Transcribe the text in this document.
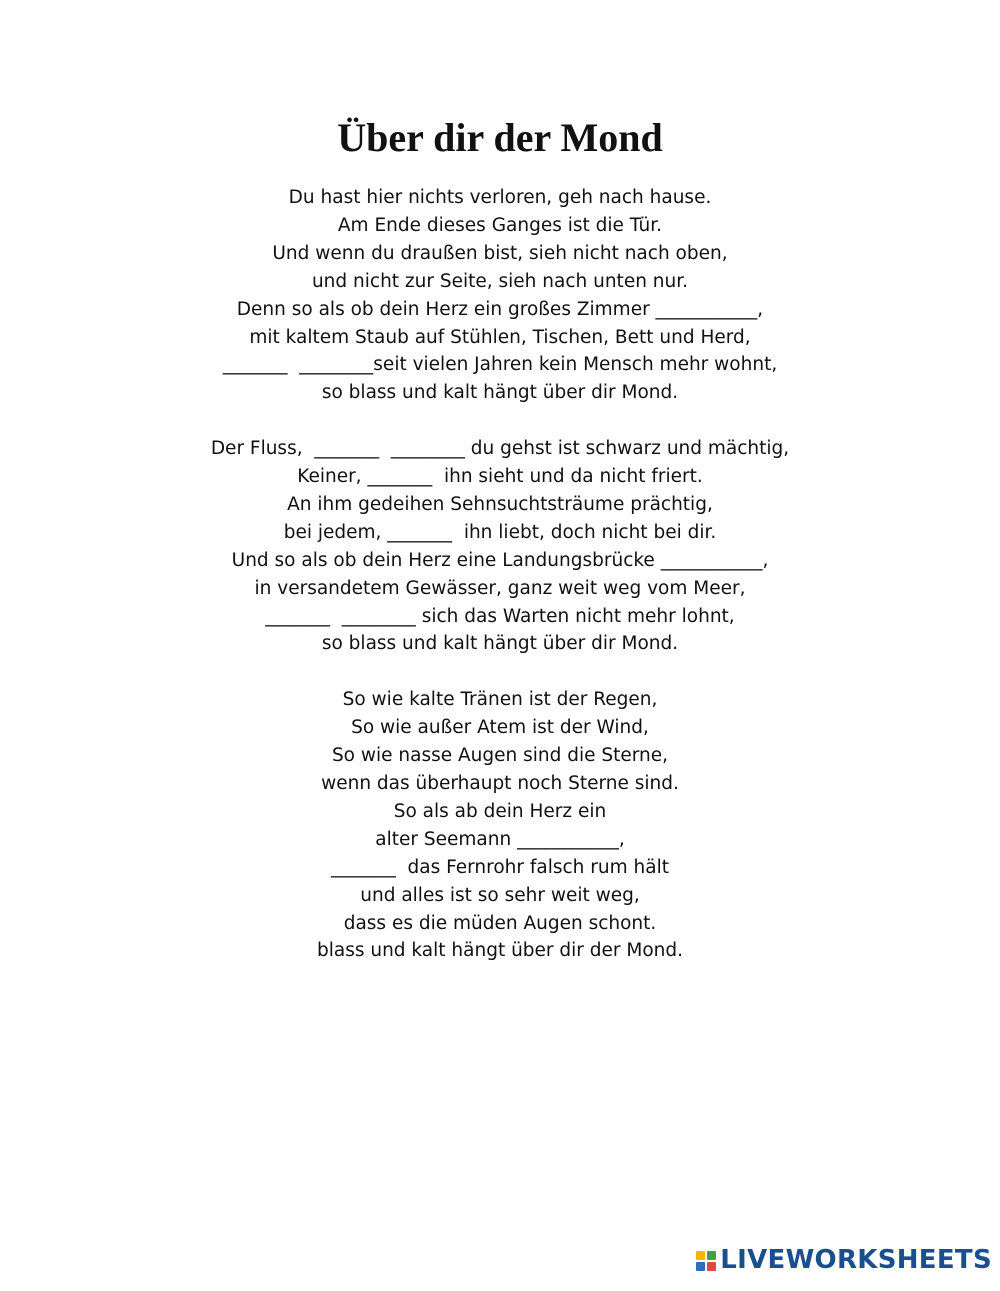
Über dir der Mond

Du hast hier nichts verloren, geh nach hause.
Am Ende dieses Ganges ist die Tür.
Und wenn du draußen bist, sieh nicht nach oben,
und nicht zur Seite, sieh nach unten nur.
Denn so als ob dein Herz ein großes Zimmer ___________,
mit kaltem Staub auf Stühlen, Tischen, Bett und Herd,
_______  ________seit vielen Jahren kein Mensch mehr wohnt,
so blass und kalt hängt über dir Mond.

Der Fluss,  _______  ________ du gehst ist schwarz und mächtig,
Keiner, _______  ihn sieht und da nicht friert.
An ihm gedeihen Sehnsuchtsträume prächtig,
bei jedem, _______  ihn liebt, doch nicht bei dir.
Und so als ob dein Herz eine Landungsbrücke ___________,
in versandetem Gewässer, ganz weit weg vom Meer,
_______  ________ sich das Warten nicht mehr lohnt,
so blass und kalt hängt über dir Mond.

So wie kalte Tränen ist der Regen,
So wie außer Atem ist der Wind,
So wie nasse Augen sind die Sterne,
wenn das überhaupt noch Sterne sind.
So als ab dein Herz ein
alter Seemann ___________,
_______  das Fernrohr falsch rum hält
und alles ist so sehr weit weg,
dass es die müden Augen schont.
blass und kalt hängt über dir der Mond.

LIVEWORKSHEETS
